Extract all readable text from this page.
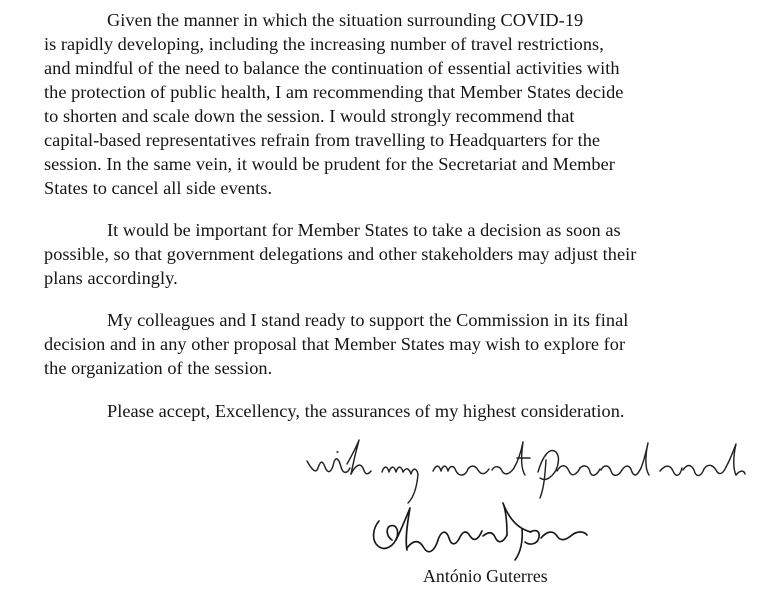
Given the manner in which the situation surrounding COVID-19
is rapidly developing, including the increasing number of travel restrictions,
and mindful of the need to balance the continuation of essential activities with
the protection of public health, I am recommending that Member States decide
to shorten and scale down the session. I would strongly recommend that
capital-based representatives refrain from travelling to Headquarters for the
session. In the same vein, it would be prudent for the Secretariat and Member
States to cancel all side events.
It would be important for Member States to take a decision as soon as
possible, so that government delegations and other stakeholders may adjust their
plans accordingly.
My colleagues and I stand ready to support the Commission in its final
decision and in any other proposal that Member States may wish to explore for
the organization of the session.
Please accept, Excellency, the assurances of my highest consideration.
António Guterres
